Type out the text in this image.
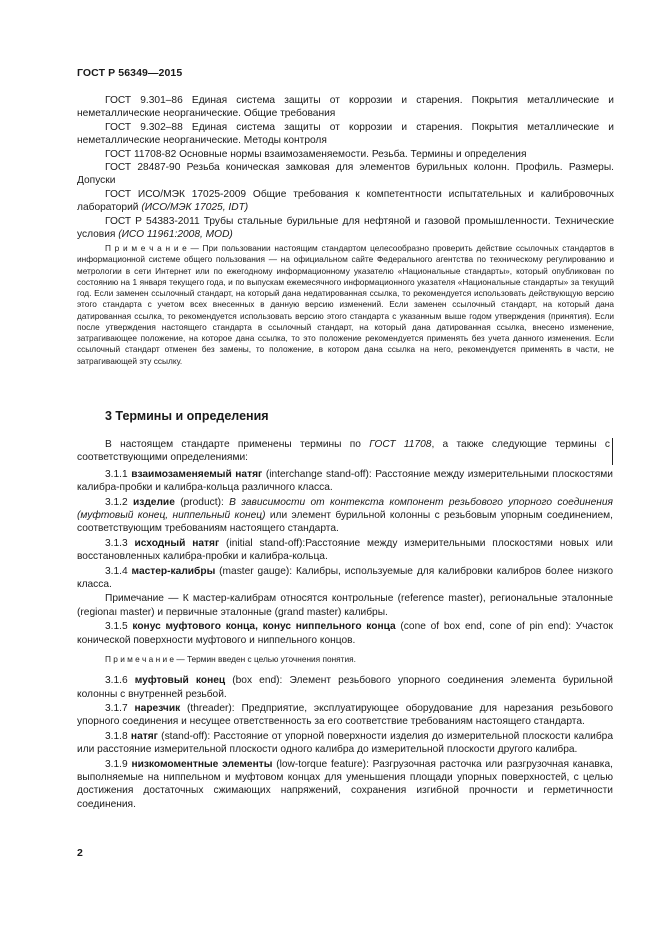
ГОСТ Р 56349—2015

ГОСТ 9.301–86 Единая система защиты от коррозии и старения. Покрытия металлические и неметаллические неорганические. Общие требования

ГОСТ 9.302–88 Единая система защиты от коррозии и старения. Покрытия металлические и неметаллические неорганические. Методы контроля

ГОСТ 11708-82 Основные нормы взаимозаменяемости. Резьба. Термины и определения

ГОСТ 28487-90 Резьба коническая замковая для элементов бурильных колонн. Профиль. Размеры. Допуски

ГОСТ ИСО/МЭК 17025-2009 Общие требования к компетентности испытательных и калибровочных лабораторий (ИСО/МЭК 17025, IDT)

ГОСТ Р 54383-2011 Трубы стальные бурильные для нефтяной и газовой промышленности. Технические условия (ИСО 11961:2008, MOD)

П р и м е ч а н и е — При пользовании настоящим стандартом целесообразно проверить действие ссылочных стандартов в информационной системе общего пользования — на официальном сайте Федерального агентства по техническому регулированию и метрологии в сети Интернет или по ежегодному информационному указателю «Национальные стандарты», который опубликован по состоянию на 1 января текущего года, и по выпускам ежемесячного информационного указателя «Национальные стандарты» за текущий год. Если заменен ссылочный стандарт, на который дана недатированная ссылка, то рекомендуется использовать действующую версию этого стандарта с учетом всех внесенных в данную версию изменений. Если заменен ссылочный стандарт, на который дана датированная ссылка, то рекомендуется использовать версию этого стандарта с указанным выше годом утверждения (принятия). Если после утверждения настоящего стандарта в ссылочный стандарт, на который дана датированная ссылка, внесено изменение, затрагивающее положение, на которое дана ссылка, то это положение рекомендуется применять без учета данного изменения. Если ссылочный стандарт отменен без замены, то положение, в котором дана ссылка на него, рекомендуется применять в части, не затрагивающей эту ссылку.

3 Термины и определения

В настоящем стандарте применены термины по ГОСТ 11708, а также следующие термины с соответствующими определениями:

3.1.1 взаимозаменяемый натяг (interchange stand-off): Расстояние между измерительными плоскостями калибра-пробки и калибра-кольца различного класса.

3.1.2 изделие (product): В зависимости от контекста компонент резьбового упорного соединения (муфтовый конец, ниппельный конец) или элемент бурильной колонны с резьбовым упорным соединением, соответствующим требованиям настоящего стандарта.

3.1.3 исходный натяг (initial stand-off):Расстояние между измерительными плоскостями новых или восстановленных калибра-пробки и калибра-кольца.

3.1.4 мастер-калибры (master gauge): Калибры, используемые для калибровки калибров более низкого класса.

Примечание — К мастер-калибрам относятся контрольные (reference master), региональные эталонные (regionaı master) и первичные эталонные (grand master) калибры.

3.1.5 конус муфтового конца, конус ниппельного конца (cone of box end, cone of pin end): Участок конической поверхности муфтового и ниппельного концов.

П р и м е ч а н и е — Термин введен с целью уточнения понятия.

3.1.6 муфтовый конец (box end): Элемент резьбового упорного соединения элемента бурильной колонны с внутренней резьбой.

3.1.7 нарезчик (threader): Предприятие, эксплуатирующее оборудование для нарезания резьбового упорного соединения и несущее ответственность за его соответствие требованиям настоящего стандарта.

3.1.8 натяг (stand-off): Расстояние от упорной поверхности изделия до измерительной плоскости калибра или расстояние измерительной плоскости одного калибра до измерительной плоскости другого калибра.

3.1.9 низкомоментные элементы (low-torque feature): Разгрузочная расточка или разгрузочная канавка, выполняемые на ниппельном и муфтовом концах для уменьшения площади упорных поверхностей, с целью достижения достаточных сжимающих напряжений, сохранения изгибной прочности и герметичности соединения.

2
